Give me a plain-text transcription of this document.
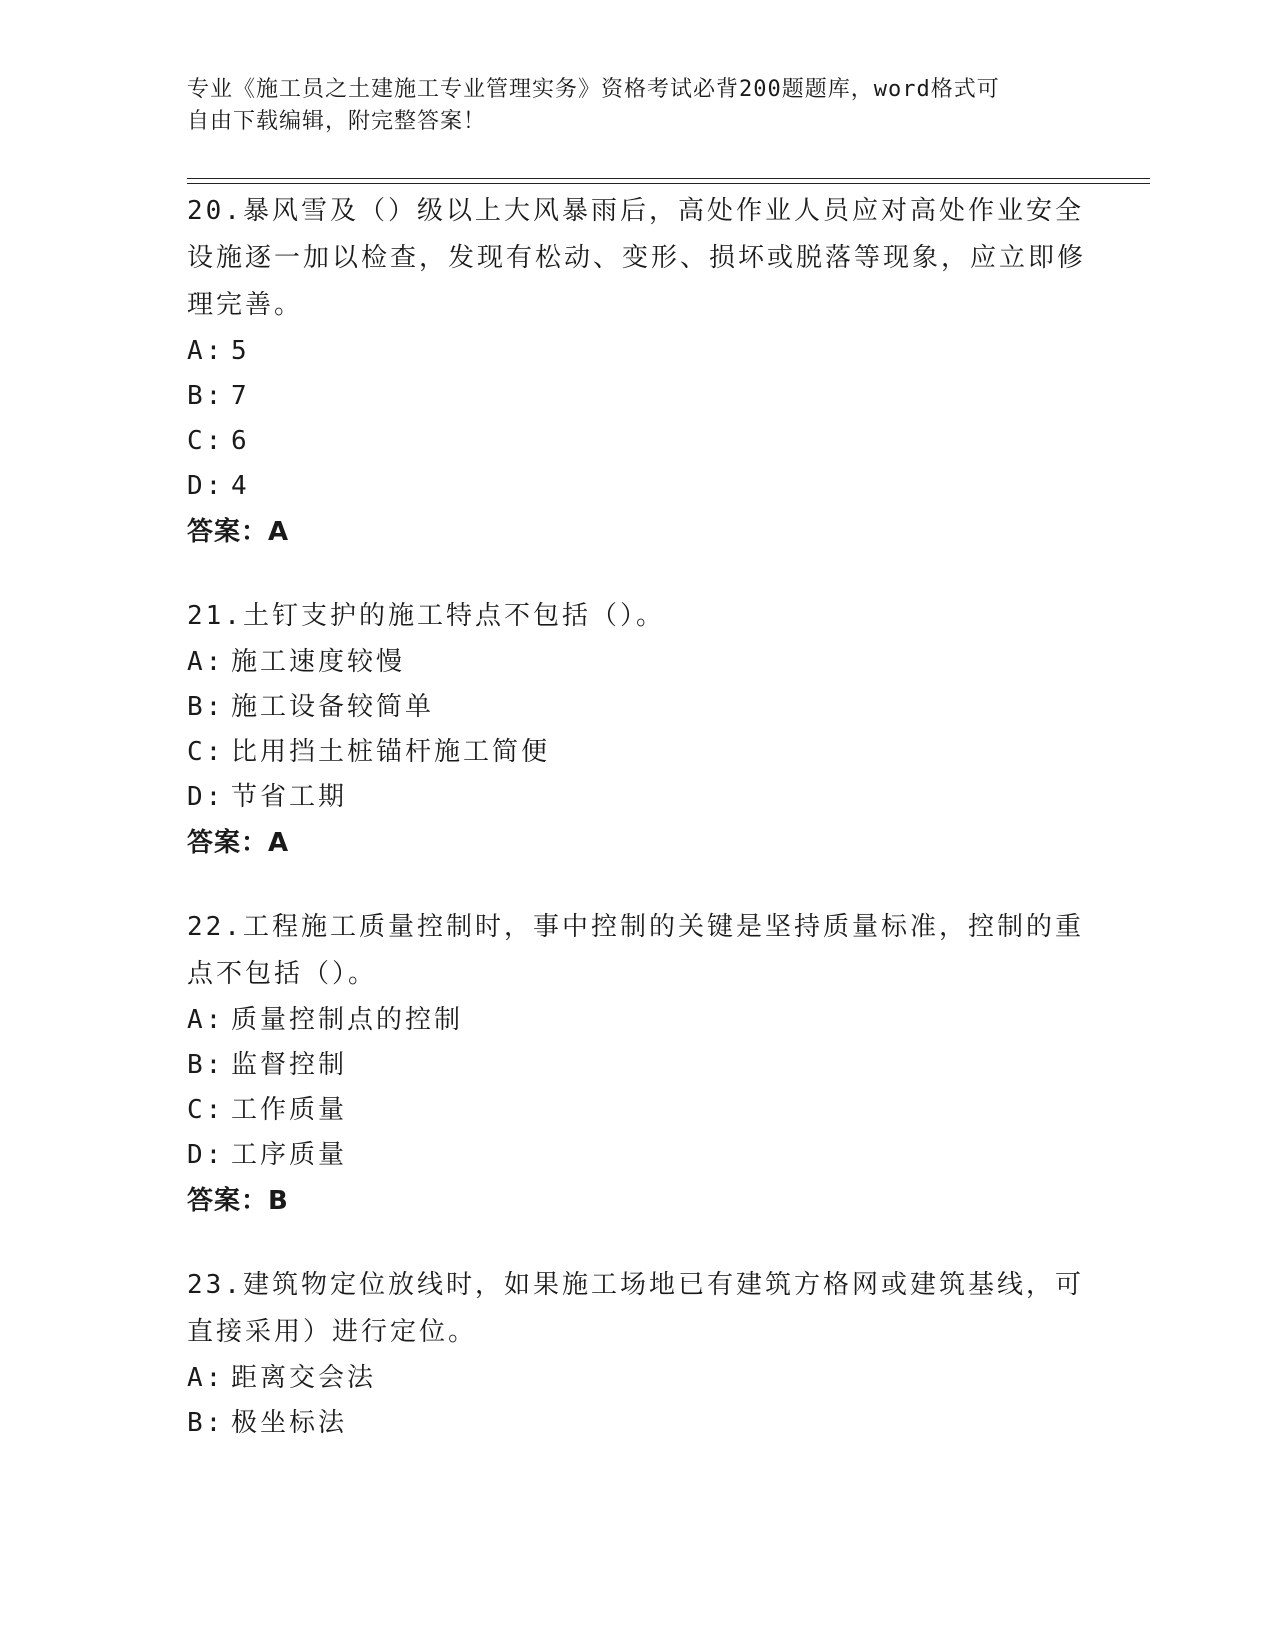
专业《施工员之土建施工专业管理实务》资格考试必背200题题库，word格式可
自由下载编辑，附完整答案！

20.暴风雪及（）级以上大风暴雨后，高处作业人员应对高处作业安全设施逐一加以检查，发现有松动、变形、损坏或脱落等现象，应立即修理完善。

A: 5
B: 7
C: 6
D: 4
答案：A

21.土钉支护的施工特点不包括（）。

A: 施工速度较慢
B: 施工设备较简单
C: 比用挡土桩锚杆施工简便
D: 节省工期
答案：A

22.工程施工质量控制时，事中控制的关键是坚持质量标准，控制的重点不包括（）。

A: 质量控制点的控制
B: 监督控制
C: 工作质量
D: 工序质量
答案：B

23.建筑物定位放线时，如果施工场地已有建筑方格网或建筑基线，可直接采用）进行定位。

A: 距离交会法
B: 极坐标法
